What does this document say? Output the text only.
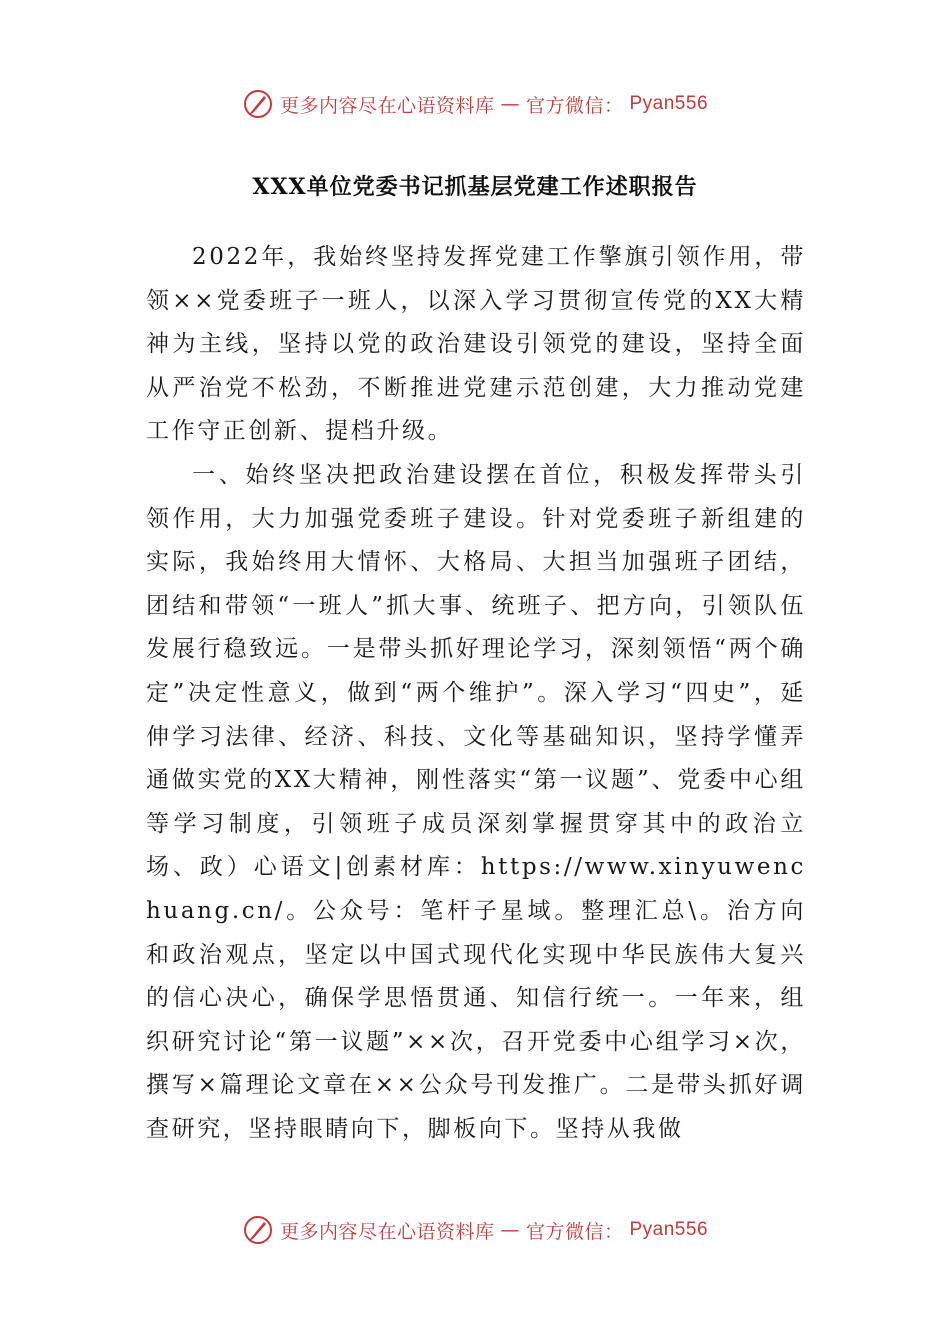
更多内容尽在心语资料库 — 官方微信： Pyan556
XXX单位党委书记抓基层党建工作述职报告

2022年，我始终坚持发挥党建工作擎旗引领作用，带领××党委班子一班人，以深入学习贯彻宣传党的XX大精神为主线，坚持以党的政治建设引领党的建设，坚持全面从严治党不松劲，不断推进党建示范创建，大力推动党建工作守正创新、提档升级。

一、始终坚决把政治建设摆在首位，积极发挥带头引领作用，大力加强党委班子建设。针对党委班子新组建的实际，我始终用大情怀、大格局、大担当加强班子团结，团结和带领“一班人”抓大事、统班子、把方向，引领队伍发展行稳致远。一是带头抓好理论学习，深刻领悟“两个确定”决定性意义，做到“两个维护”。深入学习“四史”，延伸学习法律、经济、科技、文化等基础知识，坚持学懂弄通做实党的XX大精神，刚性落实“第一议题”、党委中心组等学习制度，引领班子成员深刻掌握贯穿其中的政治立场、政）心语文|创素材库：https://www.xinyuwenchuang.cn/。公众号：笔杆子星域。整理汇总\。治方向和政治观点，坚定以中国式现代化实现中华民族伟大复兴的信心决心，确保学思悟贯通、知信行统一。一年来，组织研究讨论“第一议题”××次，召开党委中心组学习×次，撰写×篇理论文章在××公众号刊发推广。二是带头抓好调查研究，坚持眼睛向下，脚板向下。坚持从我做

更多内容尽在心语资料库 — 官方微信： Pyan556
